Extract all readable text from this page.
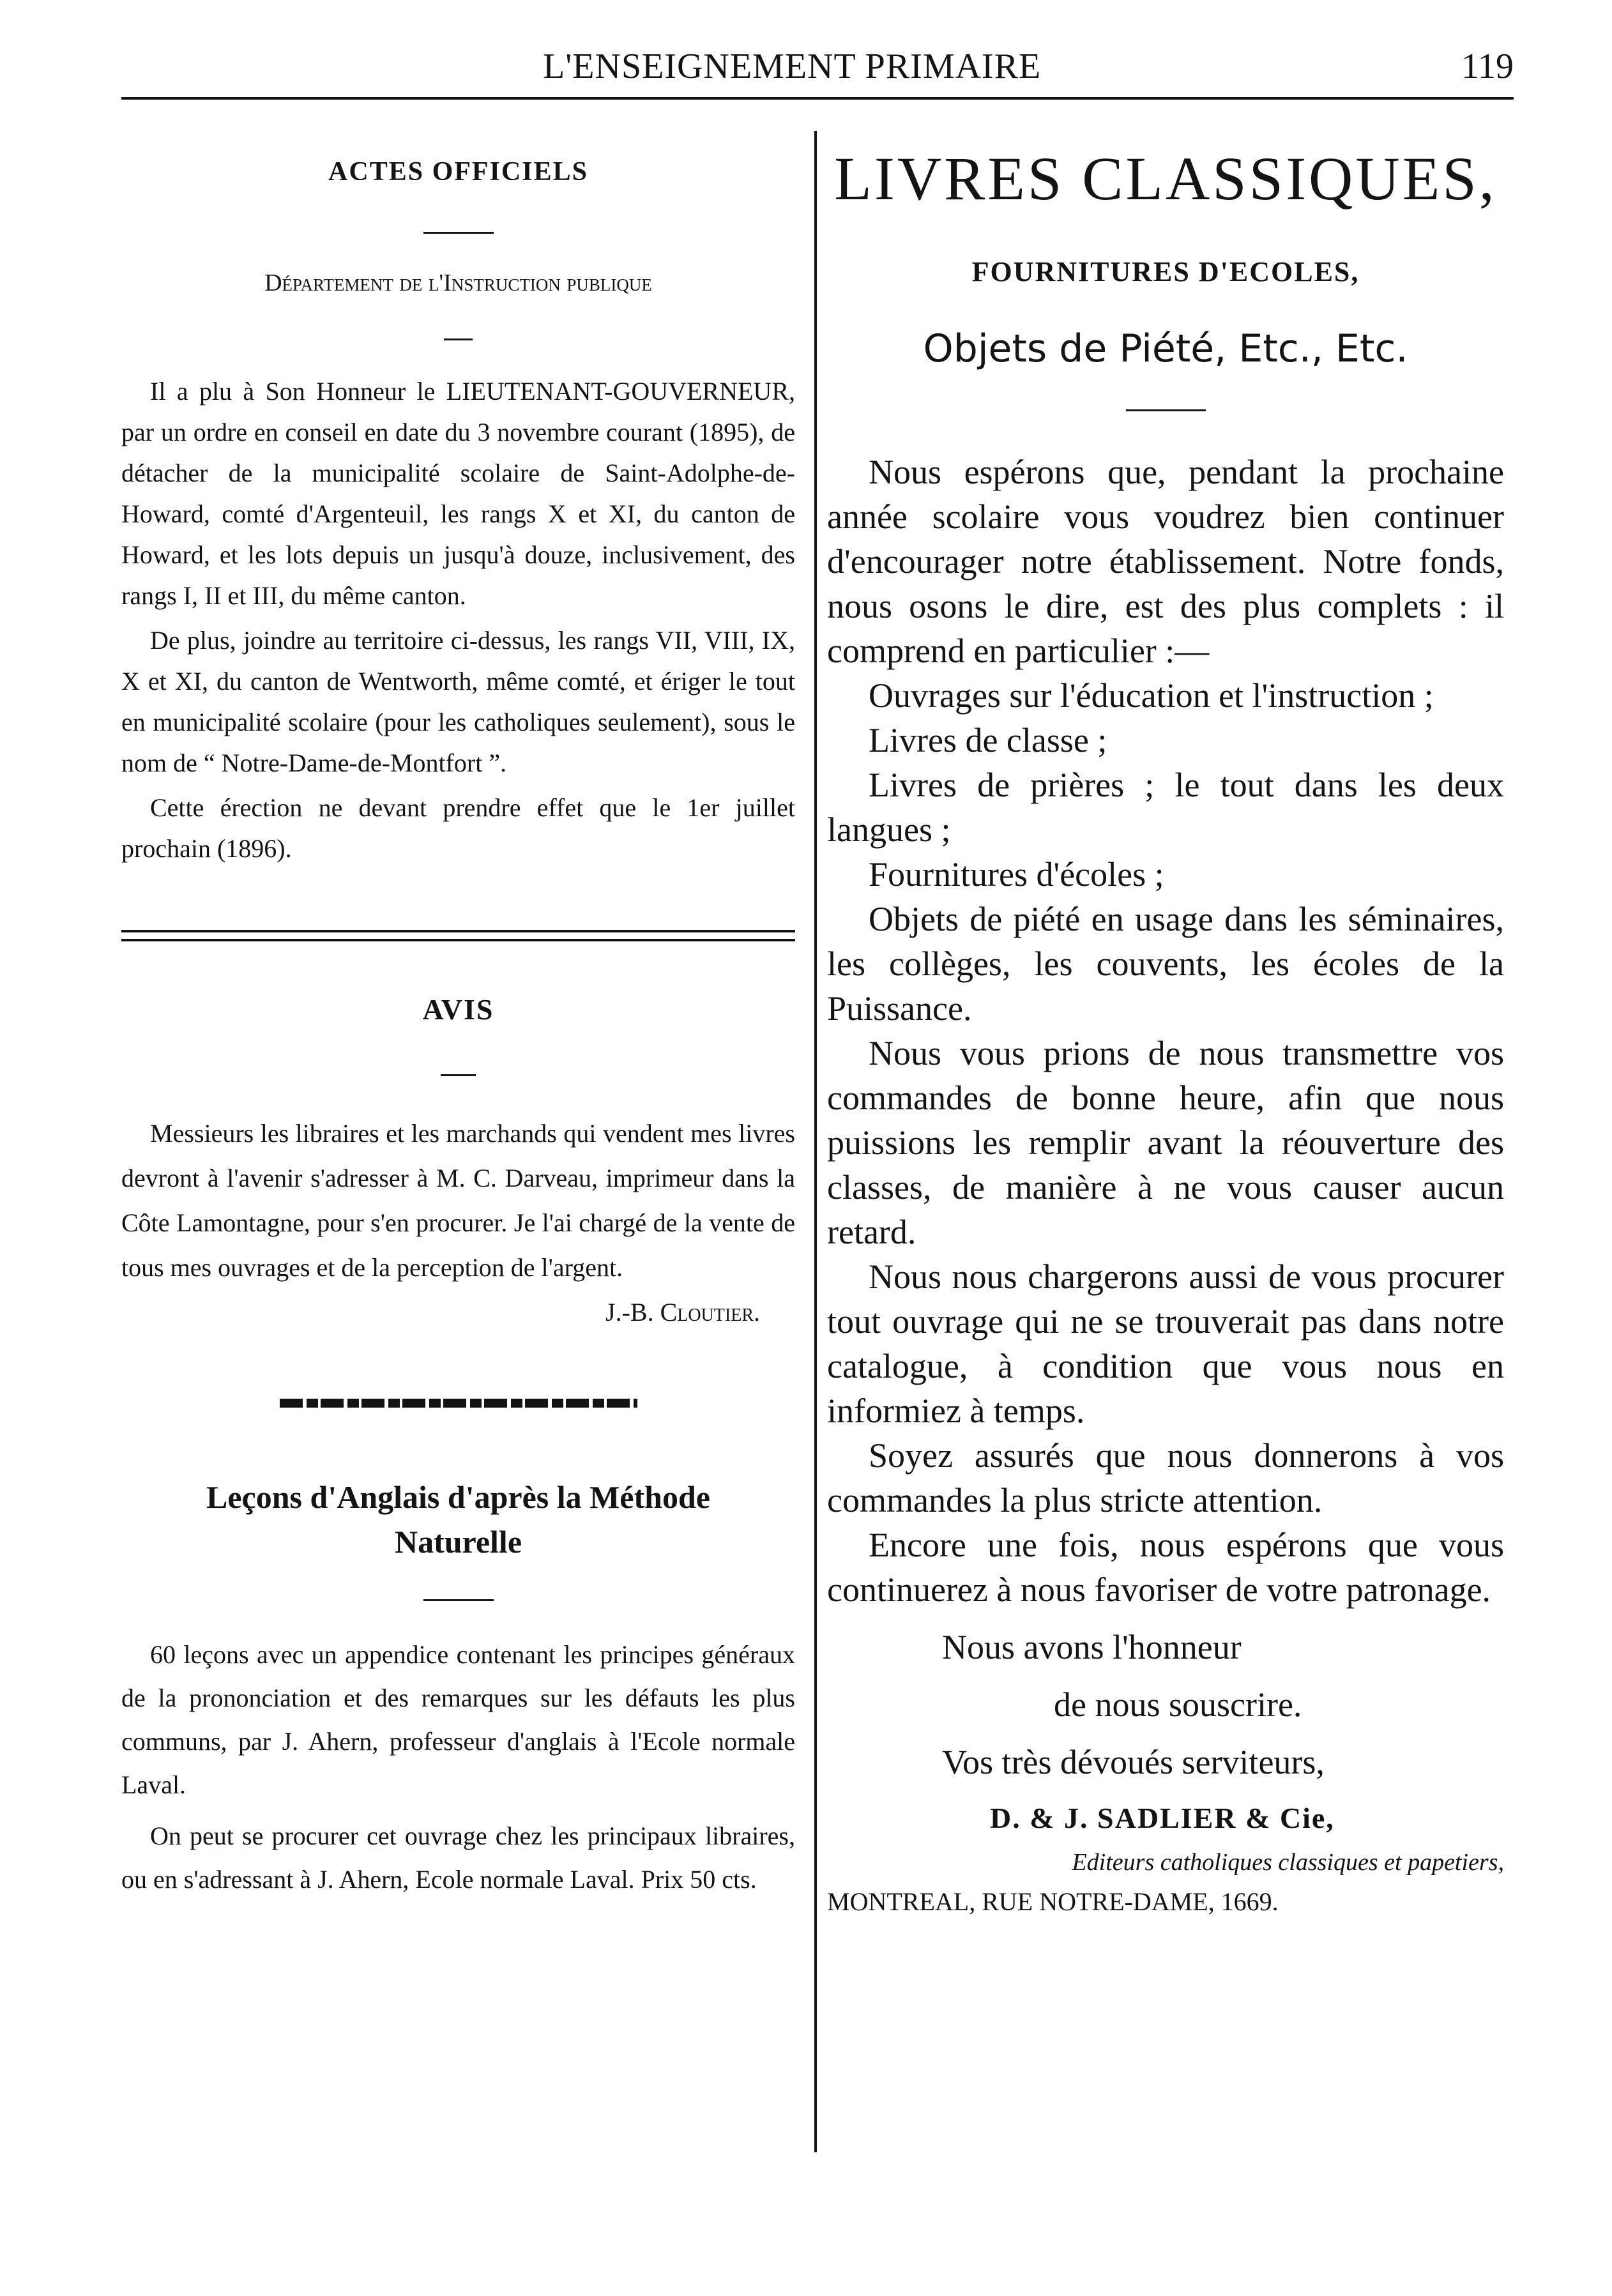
L'ENSEIGNEMENT PRIMAIRE	119
ACTES OFFICIELS
Département de l'Instruction publique

Il a plu à Son Honneur le LIEUTENANT-GOUVERNEUR, par un ordre en conseil en date du 3 novembre courant (1895), de détacher de la municipalité scolaire de Saint-Adolphe-de-Howard, comté d'Argenteuil, les rangs X et XI, du canton de Howard, et les lots depuis un jusqu'à douze, inclusivement, des rangs I, II et III, du même canton.

De plus, joindre au territoire ci-dessus, les rangs VII, VIII, IX, X et XI, du canton de Wentworth, même comté, et ériger le tout en municipalité scolaire (pour les catholiques seulement), sous le nom de “ Notre-Dame-de-Montfort ”.

Cette érection ne devant prendre effet que le 1er juillet prochain (1896).

AVIS

Messieurs les libraires et les marchands qui vendent mes livres devront à l'avenir s'adresser à M. C. Darveau, imprimeur dans la Côte Lamontagne, pour s'en procurer. Je l'ai chargé de la vente de tous mes ouvrages et de la perception de l'argent.

J.-B. Cloutier.

Leçons d'Anglais d'après la Méthode
Naturelle

60 leçons avec un appendice contenant les principes généraux de la prononciation et des remarques sur les défauts les plus communs, par J. Ahern, professeur d'anglais à l'Ecole normale Laval.

On peut se procurer cet ouvrage chez les principaux libraires, ou en s'adressant à J. Ahern, Ecole normale Laval. Prix 50 cts.

LIVRES CLASSIQUES,
FOURNITURES D'ECOLES,
Objets de Piété, Etc., Etc.

Nous espérons que, pendant la prochaine année scolaire vous voudrez bien continuer d'encourager notre établissement. Notre fonds, nous osons le dire, est des plus complets : il comprend en particulier :—

Ouvrages sur l'éducation et l'instruction ;

Livres de classe ;

Livres de prières ; le tout dans les deux langues ;

Fournitures d'écoles ;

Objets de piété en usage dans les séminaires, les collèges, les couvents, les écoles de la Puissance.

Nous vous prions de nous transmettre vos commandes de bonne heure, afin que nous puissions les remplir avant la réouverture des classes, de manière à ne vous causer aucun retard.

Nous nous chargerons aussi de vous procurer tout ouvrage qui ne se trouverait pas dans notre catalogue, à condition que vous nous en informiez à temps.

Soyez assurés que nous donnerons à vos commandes la plus stricte attention.

Encore une fois, nous espérons que vous continuerez à nous favoriser de votre patronage.

Nous avons l'honneur
de nous souscrire.
Vos très dévoués serviteurs,
D. & J. SADLIER & Cie,
Editeurs catholiques classiques et papetiers,
MONTREAL, RUE NOTRE-DAME, 1669.
